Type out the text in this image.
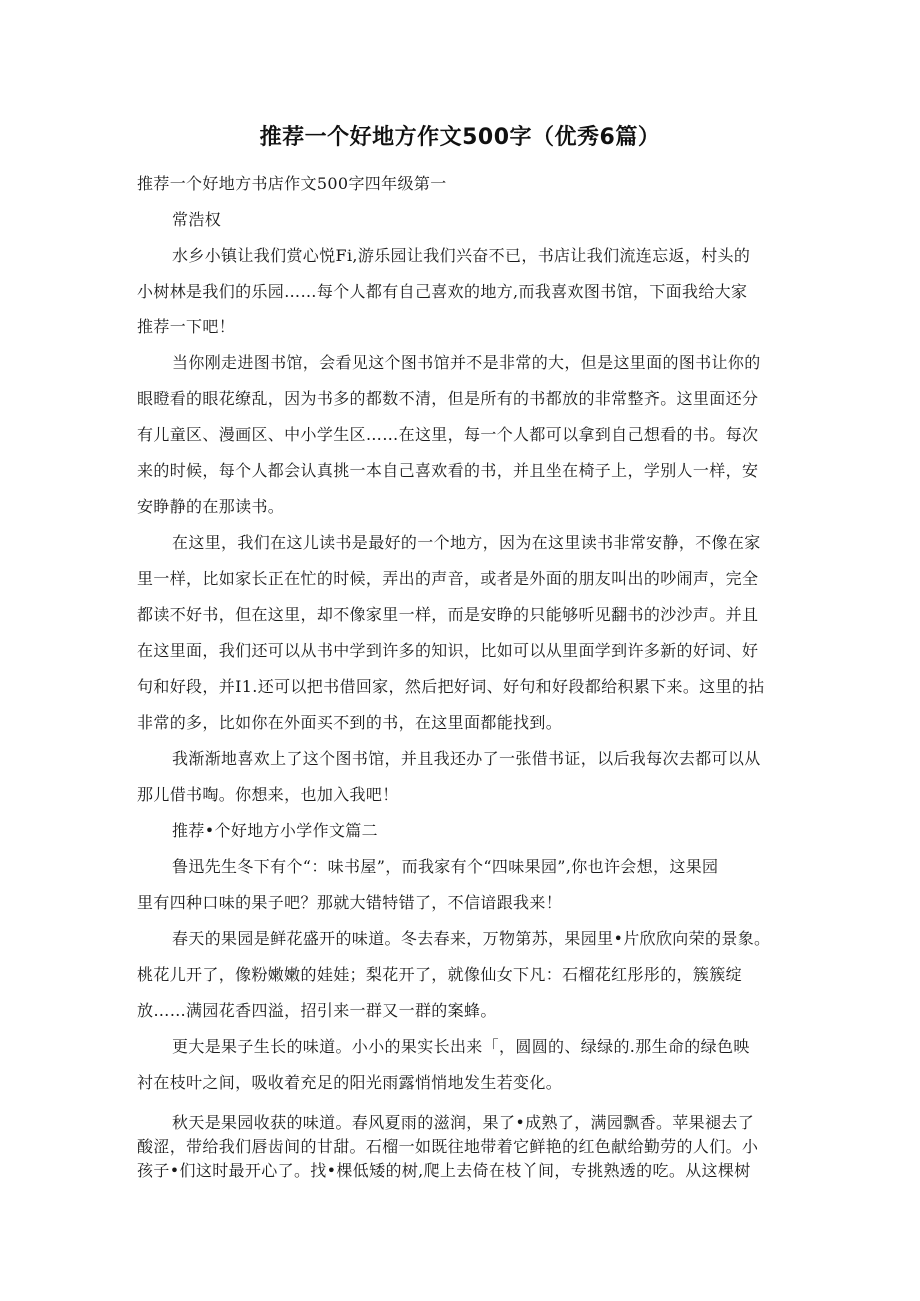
推荐一个好地方作文500字（优秀6篇）
推荐一个好地方书店作文500字四年级第一
常浩权
水乡小镇让我们赏心悦Fi,游乐园让我们兴奋不已，书店让我们流连忘返，村头的
小树林是我们的乐园……每个人都有自己喜欢的地方,而我喜欢图书馆，下面我给大家
推荐一下吧！
当你刚走进图书馆，会看见这个图书馆并不是非常的大，但是这里面的图书让你的
眼瞪看的眼花缭乱，因为书多的都数不清，但是所有的书都放的非常整齐。这里面还分
有儿童区、漫画区、中小学生区……在这里，每一个人都可以拿到自己想看的书。每次
来的时候，每个人都会认真挑一本自己喜欢看的书，并且坐在椅子上，学别人一样，安
安睁静的在那读书。
在这里，我们在这儿读书是最好的一个地方，因为在这里读书非常安静，不像在家
里一样，比如家长正在忙的时候，弄出的声音，或者是外面的朋友叫出的吵闹声，完全
都读不好书，但在这里，却不像家里一样，而是安睁的只能够听见翻书的沙沙声。并且
在这里面，我们还可以从书中学到许多的知识，比如可以从里面学到许多新的好词、好
句和好段，并I1.还可以把书借回家，然后把好词、好句和好段都给积累下来。这里的拈
非常的多，比如你在外面买不到的书，在这里面都能找到。
我渐渐地喜欢上了这个图书馆，并且我还办了一张借书证，以后我每次去都可以从
那儿借书啕。你想来，也加入我吧！
推荐•个好地方小学作文篇二
鲁迅先生冬下有个“：味书屋”，而我家有个“四味果园”,你也许会想，这果园
里有四种口味的果子吧？那就大错特错了，不信谙跟我来！
春天的果园是鲜花盛开的味道。冬去春来，万物第苏，果园里•片欣欣向荣的景象。
桃花儿开了，像粉嫩嫩的娃娃；梨花开了，就像仙女下凡：石榴花红彤彤的，簇簇绽
放……满园花香四溢，招引来一群又一群的案蜂。
更大是果子生长的味道。小小的果实长出来「，圆圆的、绿绿的.那生命的绿色映
衬在枝叶之间，吸收着充足的阳光雨露悄悄地发生若变化。
秋天是果园收获的味道。春风夏雨的滋润，果了•成熟了，满园飘香。苹果褪去了
酸涩，带给我们唇齿间的甘甜。石榴一如既往地带着它鲜艳的红色献给勤劳的人们。小
孩子•们这时最开心了。找•棵低矮的树,爬上去倚在枝丫间，专挑熟透的吃。从这棵树
